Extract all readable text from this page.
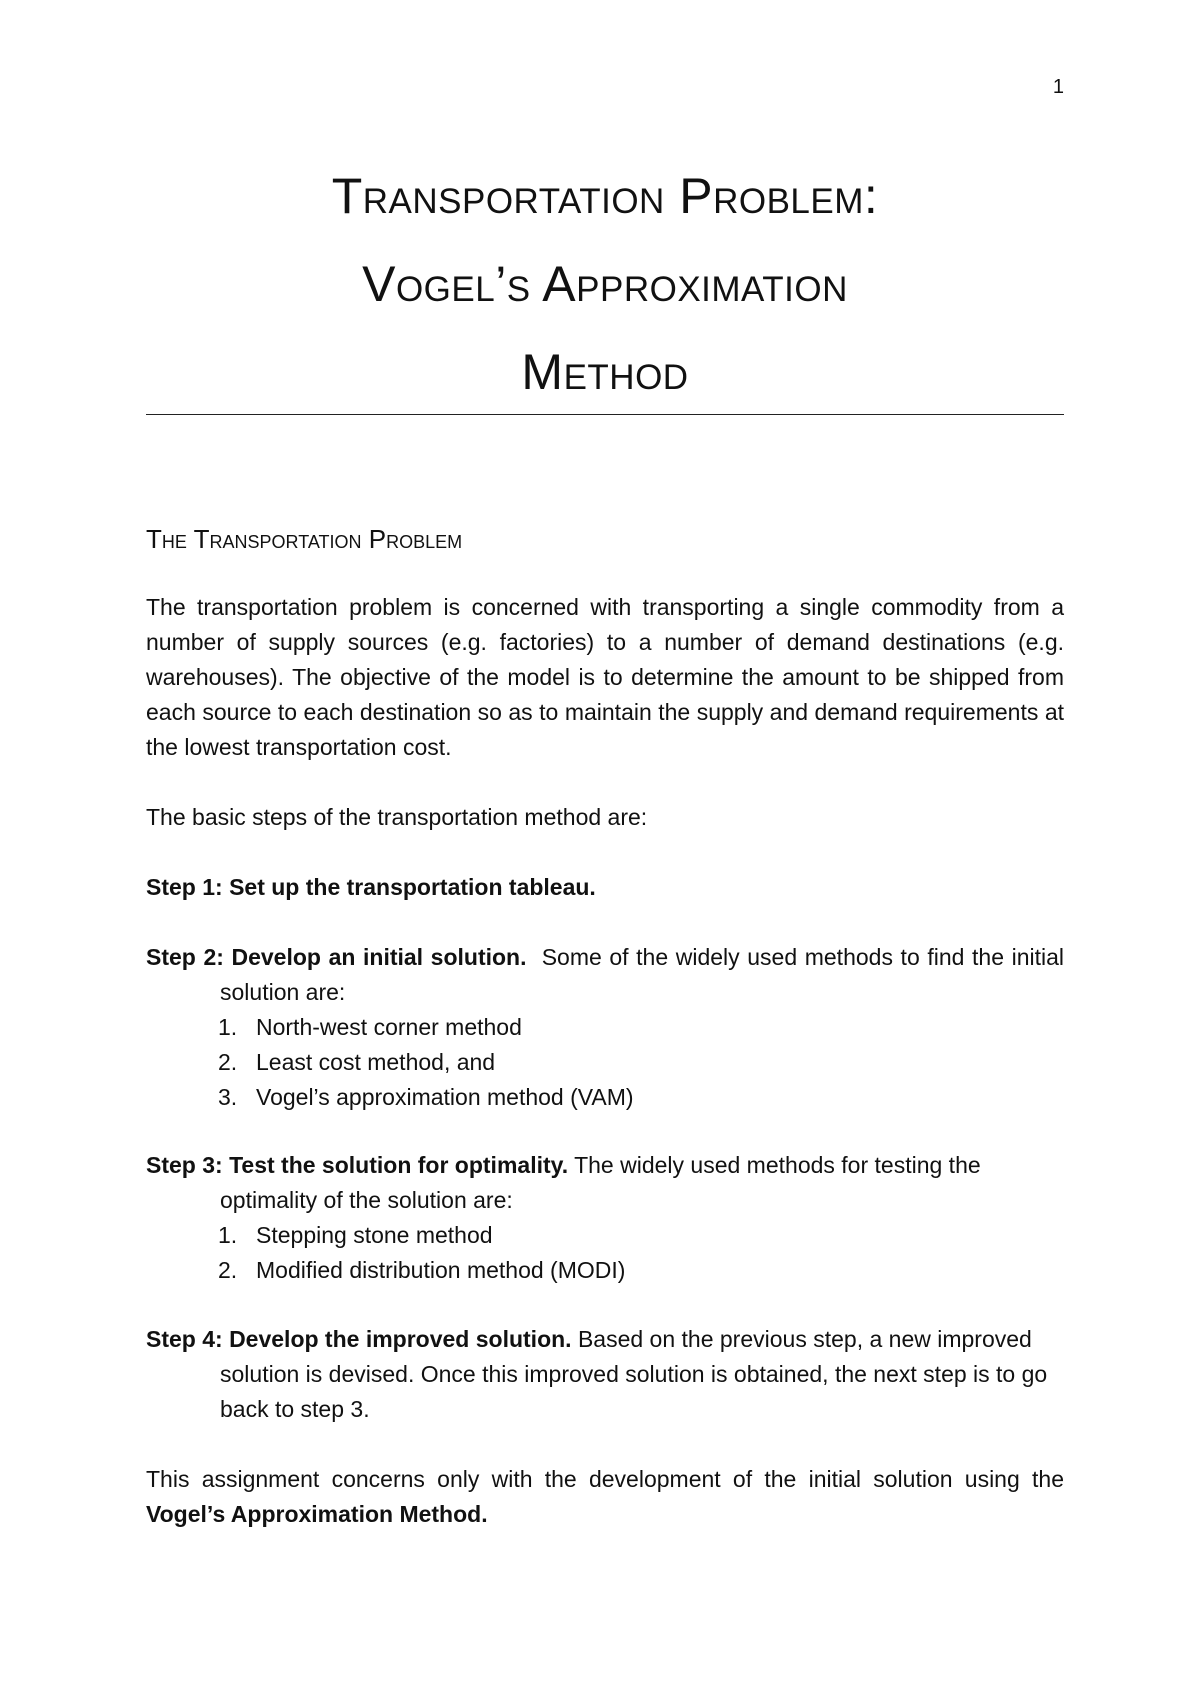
1
Transportation Problem:
Vogel’s Approximation
Method
The Transportation Problem
The transportation problem is concerned with transporting a single commodity from a number of supply sources (e.g. factories) to a number of demand destinations (e.g. warehouses). The objective of the model is to determine the amount to be shipped from each source to each destination so as to maintain the supply and demand requirements at the lowest transportation cost.
The basic steps of the transportation method are:
Step 1: Set up the transportation tableau.
Step 2: Develop an initial solution. Some of the widely used methods to find the initial solution are:
1. North-west corner method
2. Least cost method, and
3. Vogel’s approximation method (VAM)
Step 3: Test the solution for optimality. The widely used methods for testing the optimality of the solution are:
1. Stepping stone method
2. Modified distribution method (MODI)
Step 4: Develop the improved solution. Based on the previous step, a new improved solution is devised. Once this improved solution is obtained, the next step is to go back to step 3.
This assignment concerns only with the development of the initial solution using the Vogel’s Approximation Method.
